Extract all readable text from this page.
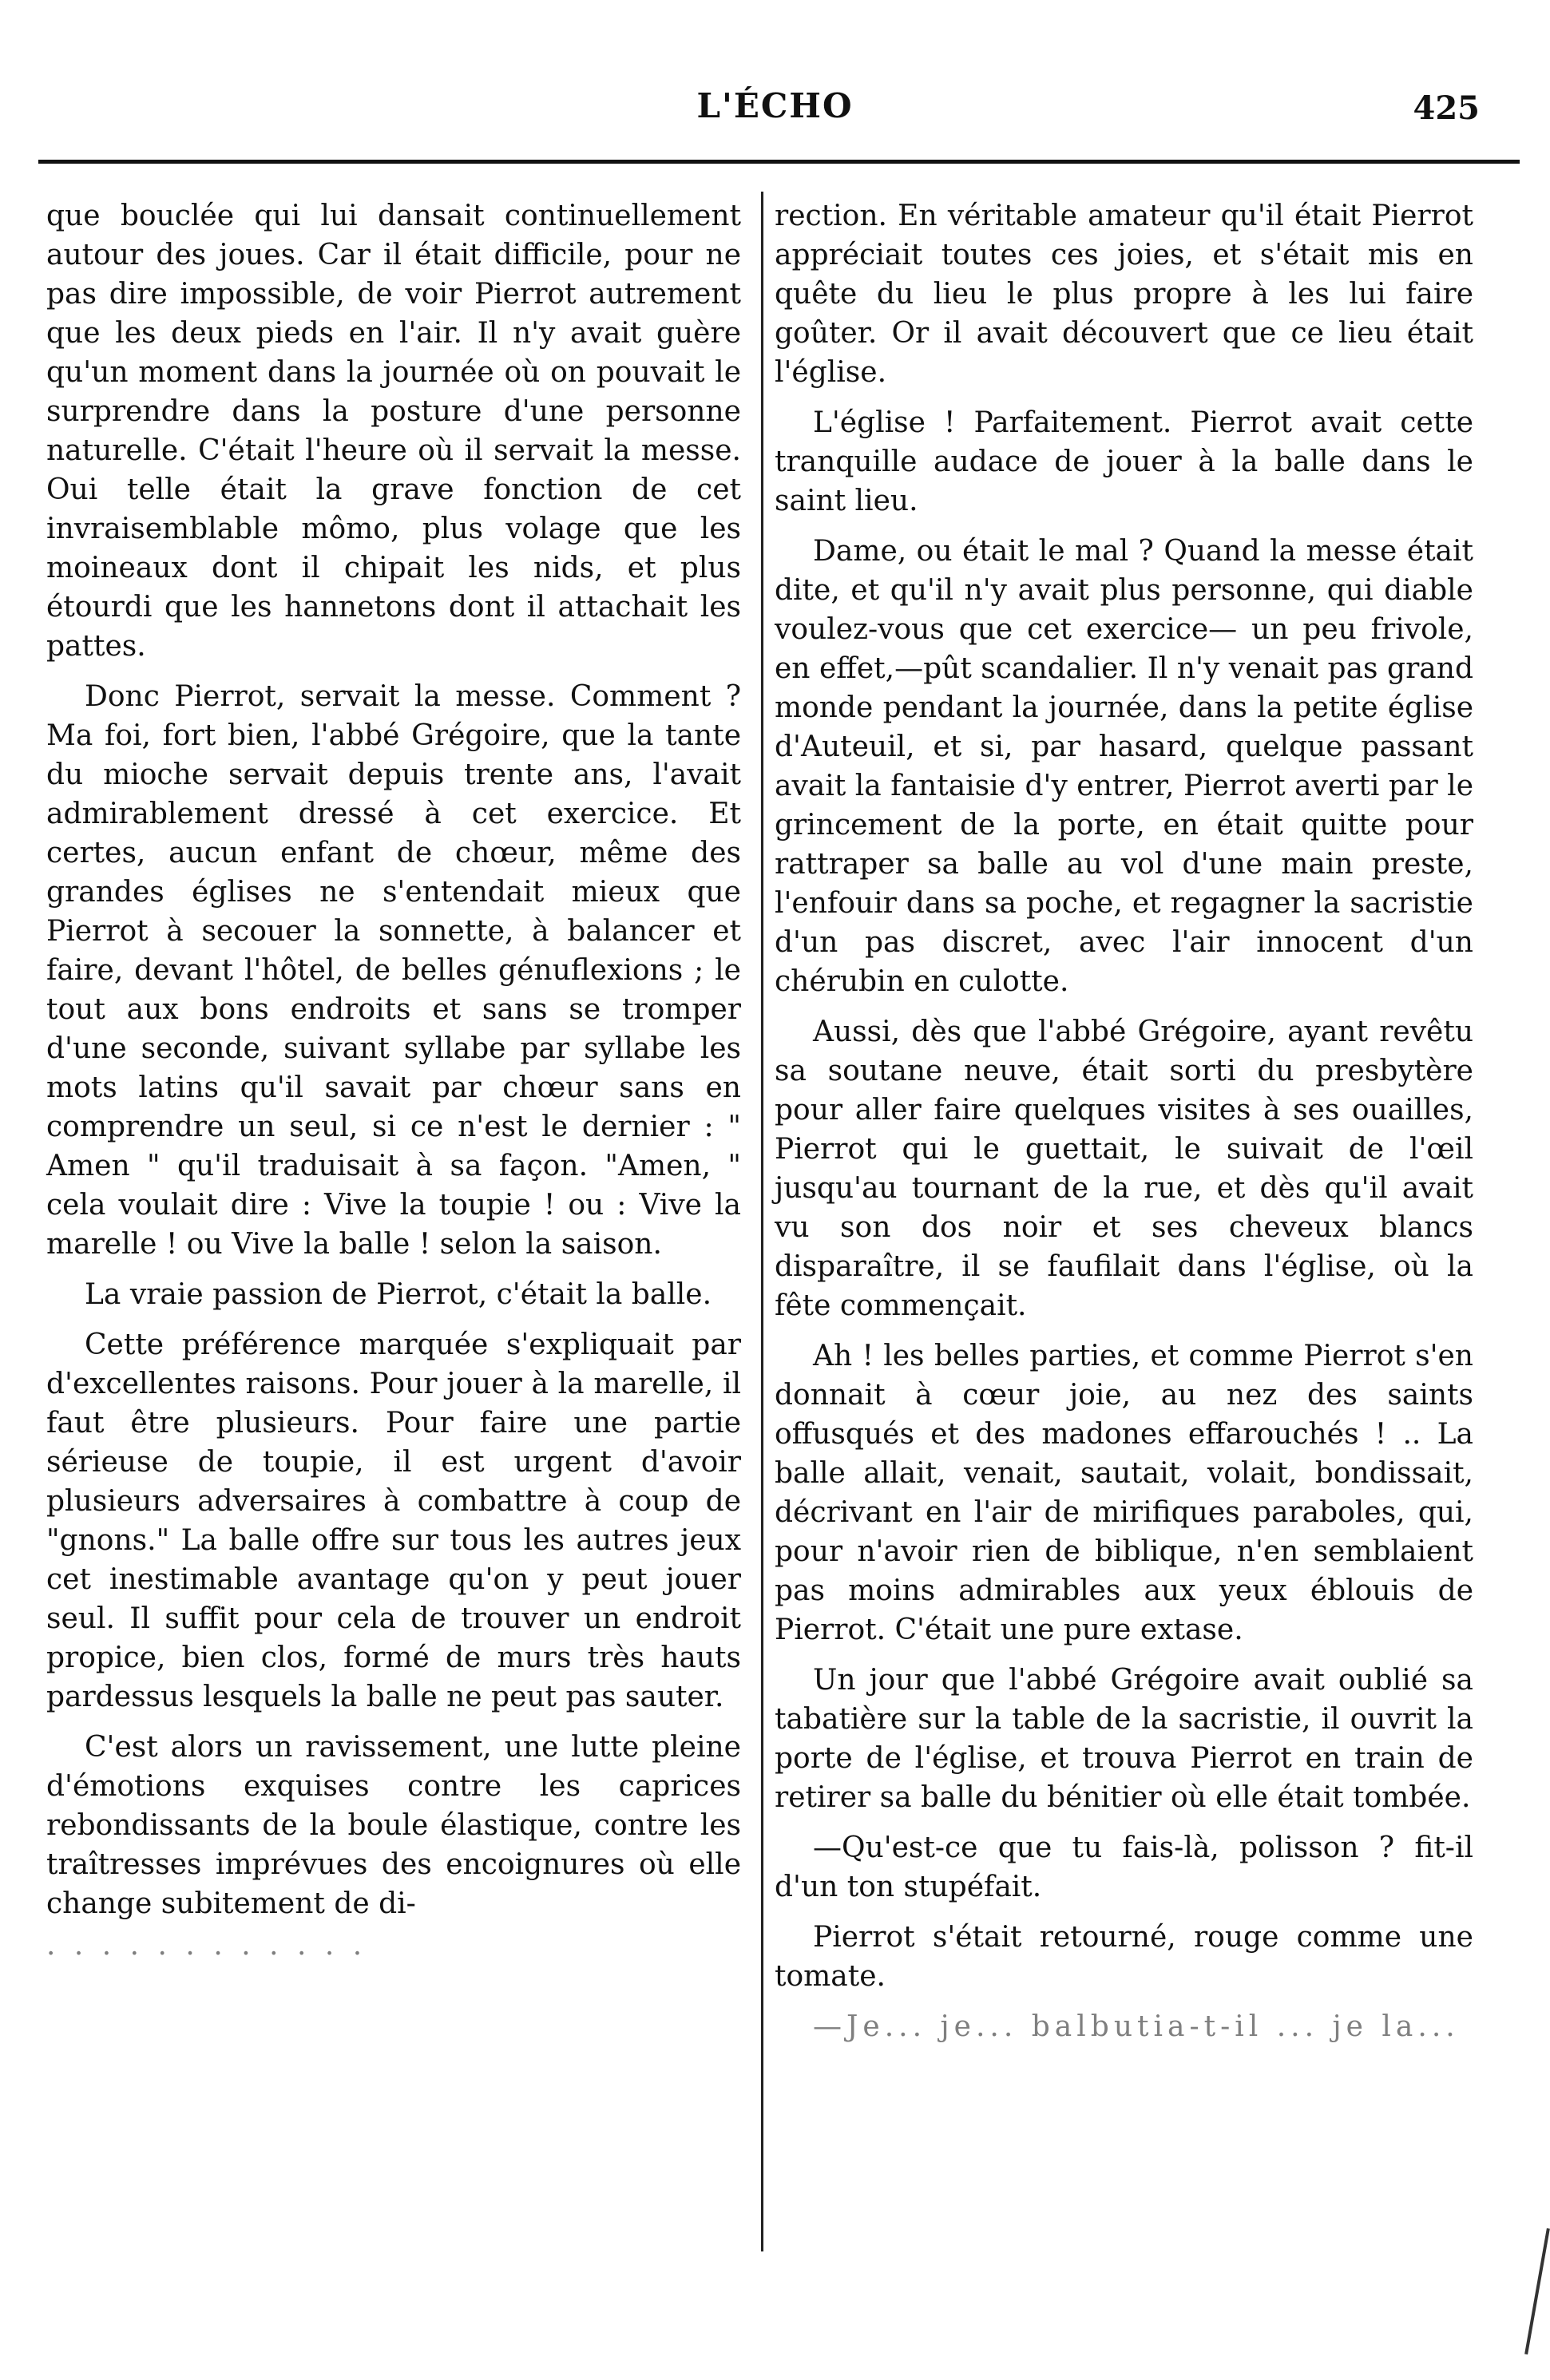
L'ÉCHO	425

que bouclée qui lui dansait continuellement autour des joues. Car il était difficile, pour ne pas dire impossible, de voir Pierrot autrement que les deux pieds en l'air. Il n'y avait guère qu'un moment dans la journée où on pouvait le surprendre dans la posture d'une personne naturelle. C'était l'heure où il servait la messe. Oui telle était la grave fonction de cet invraisemblable mômo, plus volage que les moineaux dont il chipait les nids, et plus étourdi que les hannetons dont il attachait les pattes.

Donc Pierrot, servait la messe. Comment ? Ma foi, fort bien, l'abbé Grégoire, que la tante du mioche servait depuis trente ans, l'avait admirablement dressé à cet exercice. Et certes, aucun enfant de chœur, même des grandes églises ne s'entendait mieux que Pierrot à secouer la sonnette, à balancer et faire, devant l'hôtel, de belles génuflexions ; le tout aux bons endroits et sans se tromper d'une seconde, suivant syllabe par syllabe les mots latins qu'il savait par chœur sans en comprendre un seul, si ce n'est le dernier : " Amen " qu'il traduisait à sa façon. "Amen, " cela voulait dire : Vive la toupie ! ou : Vive la marelle ! ou Vive la balle ! selon la saison.

La vraie passion de Pierrot, c'était la balle.

Cette préférence marquée s'expliquait par d'excellentes raisons. Pour jouer à la marelle, il faut être plusieurs. Pour faire une partie sérieuse de toupie, il est urgent d'avoir plusieurs adversaires à combattre à coup de "gnons." La balle offre sur tous les autres jeux cet inestimable avantage qu'on y peut jouer seul. Il suffit pour cela de trouver un endroit propice, bien clos, formé de murs très hauts pardessus lesquels la balle ne peut pas sauter.

C'est alors un ravissement, une lutte pleine d'émotions exquises contre les caprices rebondissants de la boule élastique, contre les traîtresses imprévues des encoignures où elle change subitement de di-

· · · · · · · · · · · ·

rection. En véritable amateur qu'il était Pierrot appréciait toutes ces joies, et s'était mis en quête du lieu le plus propre à les lui faire goûter. Or il avait découvert que ce lieu était l'église.

L'église ! Parfaitement. Pierrot avait cette tranquille audace de jouer à la balle dans le saint lieu.

Dame, ou était le mal ? Quand la messe était dite, et qu'il n'y avait plus personne, qui diable voulez-vous que cet exercice— un peu frivole, en effet,—pût scandalier. Il n'y venait pas grand monde pendant la journée, dans la petite église d'Auteuil, et si, par hasard, quelque passant avait la fantaisie d'y entrer, Pierrot averti par le grincement de la porte, en était quitte pour rattraper sa balle au vol d'une main preste, l'enfouir dans sa poche, et regagner la sacristie d'un pas discret, avec l'air innocent d'un chérubin en culotte.

Aussi, dès que l'abbé Grégoire, ayant revêtu sa soutane neuve, était sorti du presbytère pour aller faire quelques visites à ses ouailles, Pierrot qui le guettait, le suivait de l'œil jusqu'au tournant de la rue, et dès qu'il avait vu son dos noir et ses cheveux blancs disparaître, il se faufilait dans l'église, où la fête commençait.

Ah ! les belles parties, et comme Pierrot s'en donnait à cœur joie, au nez des saints offusqués et des madones effarouchés ! .. La balle allait, venait, sautait, volait, bondissait, décrivant en l'air de mirifiques paraboles, qui, pour n'avoir rien de biblique, n'en semblaient pas moins admirables aux yeux éblouis de Pierrot. C'était une pure extase.

Un jour que l'abbé Grégoire avait oublié sa tabatière sur la table de la sacristie, il ouvrit la porte de l'église, et trouva Pierrot en train de retirer sa balle du bénitier où elle était tombée.

—Qu'est-ce que tu fais-là, polisson ? fit-il d'un ton stupéfait.

Pierrot s'était retourné, rouge comme une tomate.

—Je... je... balbutia-t-il ... je la...
